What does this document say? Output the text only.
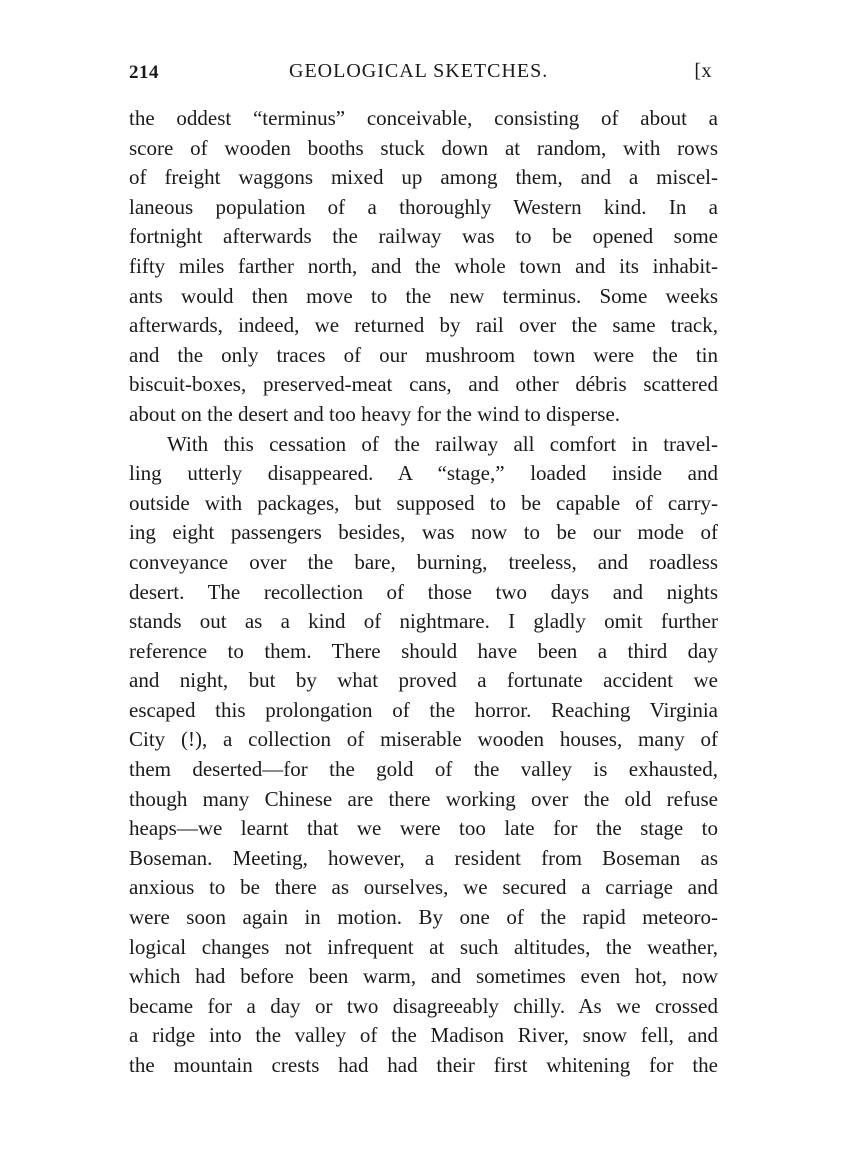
214	GEOLOGICAL SKETCHES.	[x
the oddest “terminus” conceivable, consisting of about a
score of wooden booths stuck down at random, with rows
of freight waggons mixed up among them, and a miscel-
laneous population of a thoroughly Western kind. In a
fortnight afterwards the railway was to be opened some
fifty miles farther north, and the whole town and its inhabit-
ants would then move to the new terminus. Some weeks
afterwards, indeed, we returned by rail over the same track,
and the only traces of our mushroom town were the tin
biscuit-boxes, preserved-meat cans, and other débris scattered
about on the desert and too heavy for the wind to disperse.
With this cessation of the railway all comfort in travel-
ling utterly disappeared. A “stage,” loaded inside and
outside with packages, but supposed to be capable of carry-
ing eight passengers besides, was now to be our mode of
conveyance over the bare, burning, treeless, and roadless
desert. The recollection of those two days and nights
stands out as a kind of nightmare. I gladly omit further
reference to them. There should have been a third day
and night, but by what proved a fortunate accident we
escaped this prolongation of the horror. Reaching Virginia
City (!), a collection of miserable wooden houses, many of
them deserted—for the gold of the valley is exhausted,
though many Chinese are there working over the old refuse
heaps—we learnt that we were too late for the stage to
Boseman. Meeting, however, a resident from Boseman as
anxious to be there as ourselves, we secured a carriage and
were soon again in motion. By one of the rapid meteoro-
logical changes not infrequent at such altitudes, the weather,
which had before been warm, and sometimes even hot, now
became for a day or two disagreeably chilly. As we crossed
a ridge into the valley of the Madison River, snow fell, and
the mountain crests had had their first whitening for the
